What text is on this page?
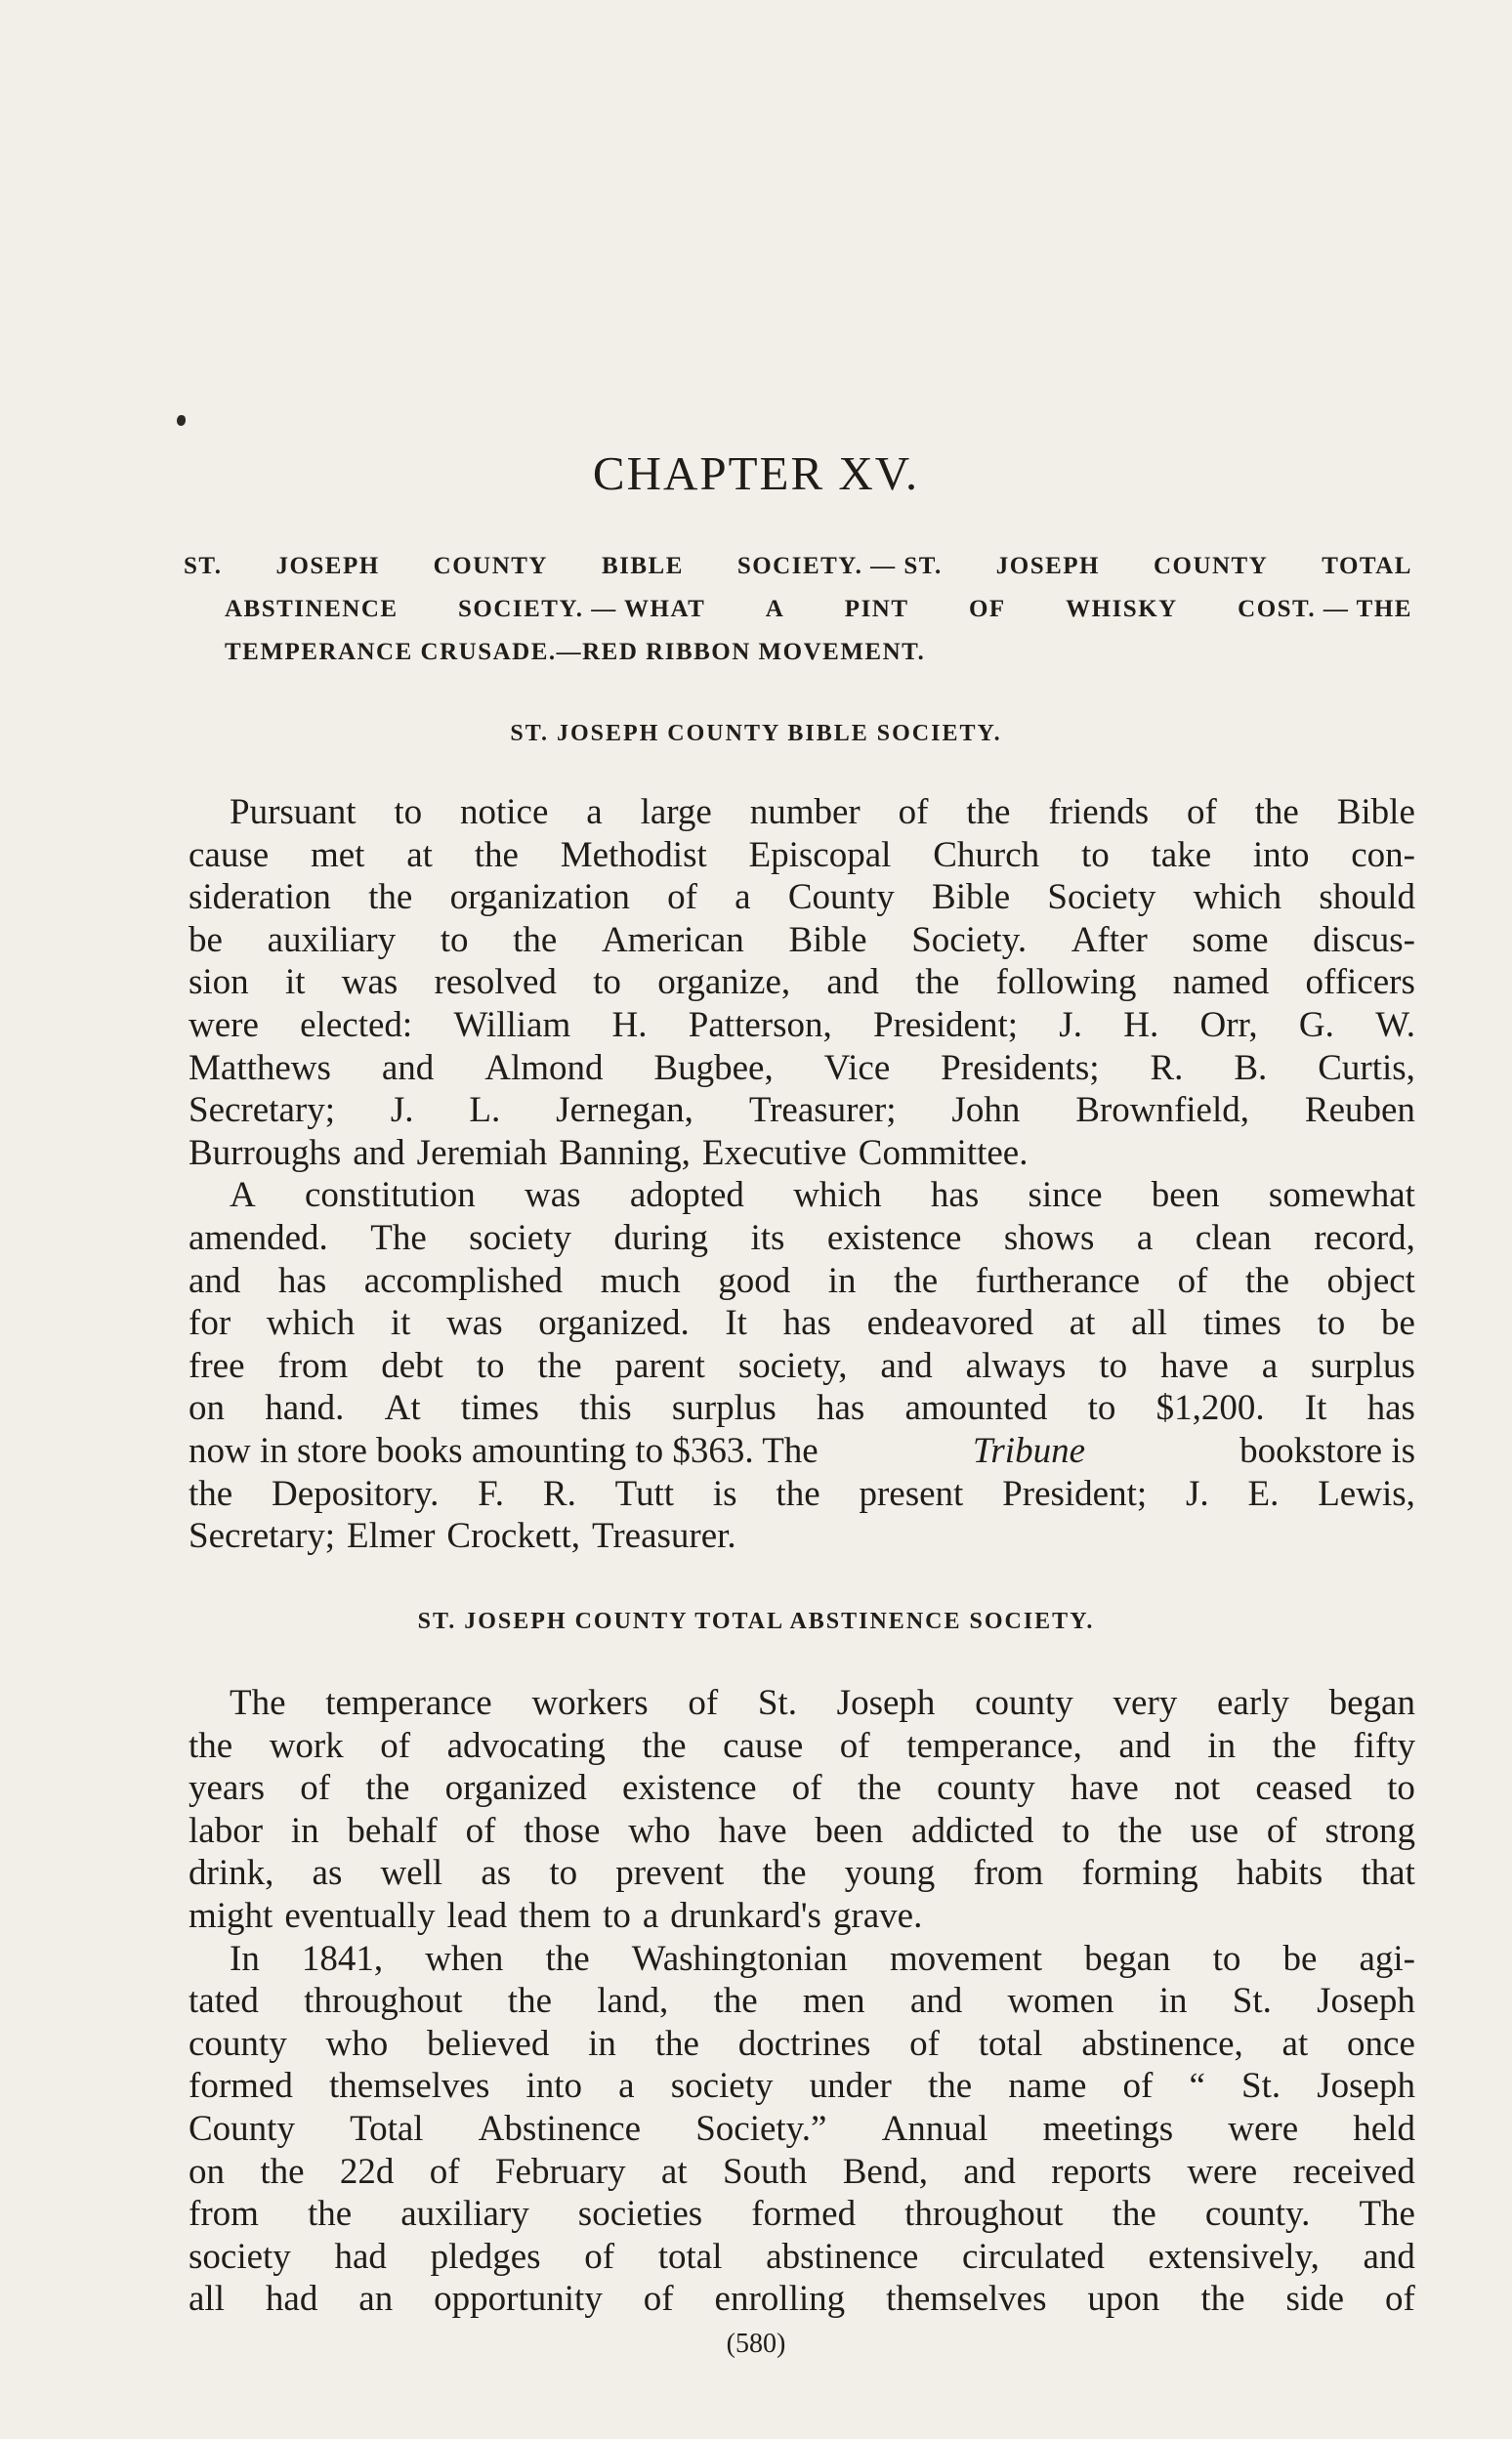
CHAPTER XV.
ST. JOSEPH COUNTY BIBLE SOCIETY. — ST. JOSEPH COUNTY TOTAL
ABSTINENCE SOCIETY. — WHAT A PINT OF WHISKY COST. — THE
TEMPERANCE CRUSADE.—RED RIBBON MOVEMENT.
ST. JOSEPH COUNTY BIBLE SOCIETY.
Pursuant to notice a large number of the friends of the Bible
cause met at the Methodist Episcopal Church to take into con-
sideration the organization of a County Bible Society which should
be auxiliary to the American Bible Society. After some discus-
sion it was resolved to organize, and the following named officers
were elected: William H. Patterson, President; J. H. Orr, G. W.
Matthews and Almond Bugbee, Vice Presidents; R. B. Curtis,
Secretary; J. L. Jernegan, Treasurer; John Brownfield, Reuben
Burroughs and Jeremiah Banning, Executive Committee.
A constitution was adopted which has since been somewhat
amended. The society during its existence shows a clean record,
and has accomplished much good in the furtherance of the object
for which it was organized. It has endeavored at all times to be
free from debt to the parent society, and always to have a surplus
on hand. At times this surplus has amounted to $1,200. It has
now in store books amounting to $363. The	Tribune	bookstore is
the Depository. F. R. Tutt is the present President; J. E. Lewis,
Secretary; Elmer Crockett, Treasurer.
ST. JOSEPH COUNTY TOTAL ABSTINENCE SOCIETY.
The temperance workers of St. Joseph county very early began
the work of advocating the cause of temperance, and in the fifty
years of the organized existence of the county have not ceased to
labor in behalf of those who have been addicted to the use of strong
drink, as well as to prevent the young from forming habits that
might eventually lead them to a drunkard's grave.
In 1841, when the Washingtonian movement began to be agi-
tated throughout the land, the men and women in St. Joseph
county who believed in the doctrines of total abstinence, at once
formed themselves into a society under the name of “ St. Joseph
County Total Abstinence Society.” Annual meetings were held
on the 22d of February at South Bend, and reports were received
from the auxiliary societies formed throughout the county. The
society had pledges of total abstinence circulated extensively, and
all had an opportunity of enrolling themselves upon the side of
(580)
